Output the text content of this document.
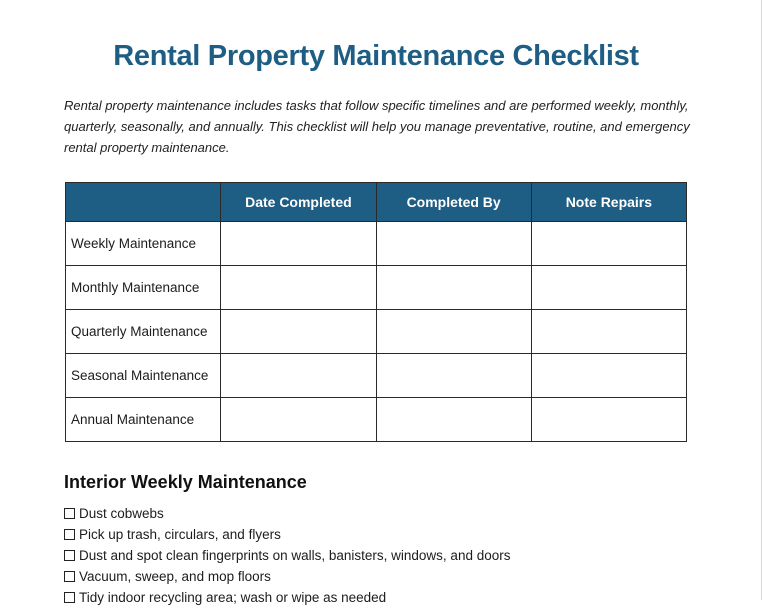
Rental Property Maintenance Checklist

Rental property maintenance includes tasks that follow specific timelines and are performed weekly, monthly, quarterly, seasonally, and annually. This checklist will help you manage preventative, routine, and emergency rental property maintenance.

	Date Completed	Completed By	Note Repairs
Weekly Maintenance			
Monthly Maintenance			
Quarterly Maintenance			
Seasonal Maintenance			
Annual Maintenance			
Interior Weekly Maintenance
Dust cobwebs
Pick up trash, circulars, and flyers
Dust and spot clean fingerprints on walls, banisters, windows, and doors
Vacuum, sweep, and mop floors
Tidy indoor recycling area; wash or wipe as needed
